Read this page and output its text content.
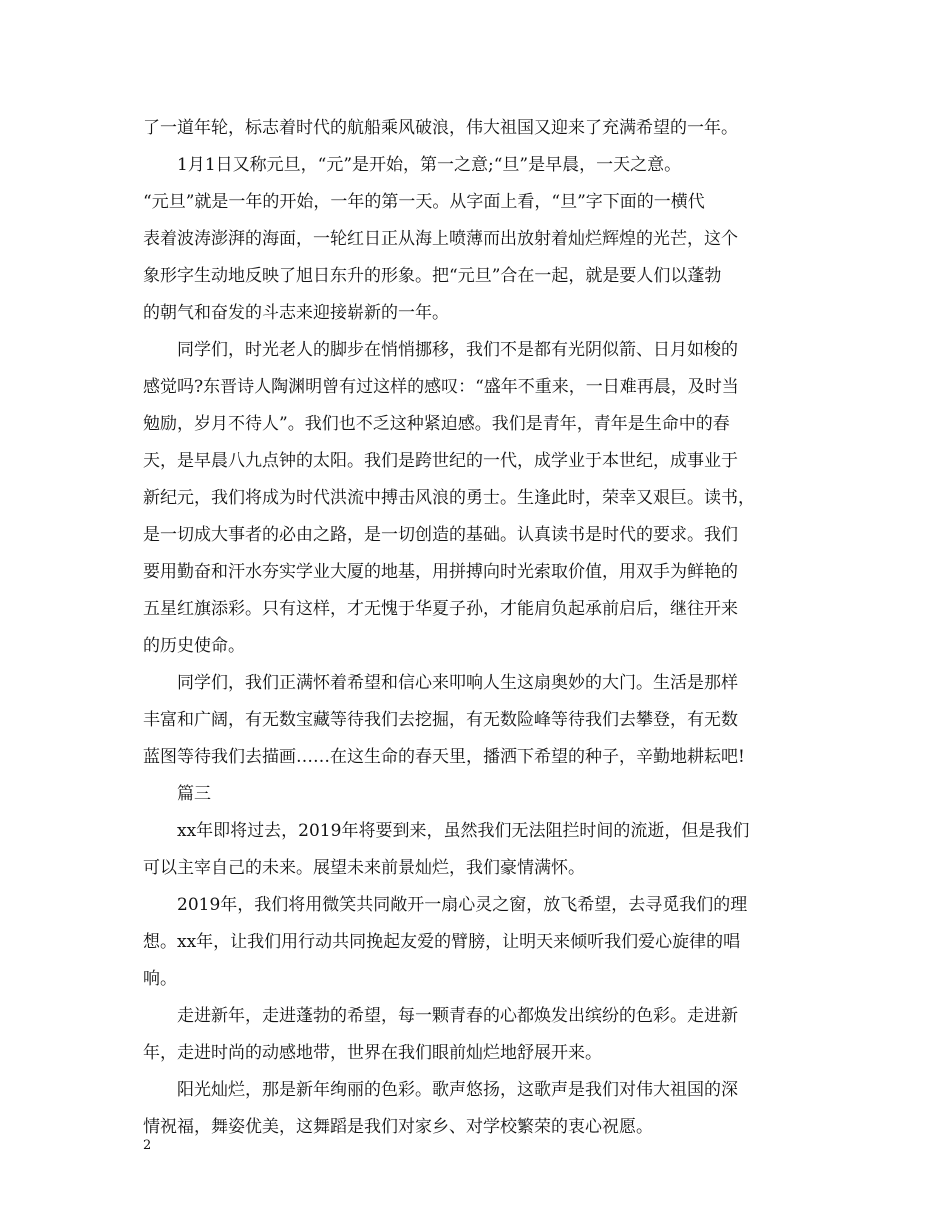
了一道年轮，标志着时代的航船乘风破浪，伟大祖国又迎来了充满希望的一年。
　　1月1日又称元旦，“元”是开始，第一之意;“旦”是早晨，一天之意。
“元旦”就是一年的开始，一年的第一天。从字面上看，“旦”字下面的一横代
表着波涛澎湃的海面，一轮红日正从海上喷薄而出放射着灿烂辉煌的光芒，这个
象形字生动地反映了旭日东升的形象。把“元旦”合在一起，就是要人们以蓬勃
的朝气和奋发的斗志来迎接崭新的一年。
　　同学们，时光老人的脚步在悄悄挪移，我们不是都有光阴似箭、日月如梭的
感觉吗?东晋诗人陶渊明曾有过这样的感叹：“盛年不重来，一日难再晨，及时当
勉励，岁月不待人”。我们也不乏这种紧迫感。我们是青年，青年是生命中的春
天，是早晨八九点钟的太阳。我们是跨世纪的一代，成学业于本世纪，成事业于
新纪元，我们将成为时代洪流中搏击风浪的勇士。生逢此时，荣幸又艰巨。读书，
是一切成大事者的必由之路，是一切创造的基础。认真读书是时代的要求。我们
要用勤奋和汗水夯实学业大厦的地基，用拼搏向时光索取价值，用双手为鲜艳的
五星红旗添彩。只有这样，才无愧于华夏子孙，才能肩负起承前启后，继往开来
的历史使命。
　　同学们，我们正满怀着希望和信心来叩响人生这扇奥妙的大门。生活是那样
丰富和广阔，有无数宝藏等待我们去挖掘，有无数险峰等待我们去攀登，有无数
蓝图等待我们去描画……在这生命的春天里，播洒下希望的种子，辛勤地耕耘吧!
　　篇三
　　xx年即将过去，2019年将要到来，虽然我们无法阻拦时间的流逝，但是我们
可以主宰自己的未来。展望未来前景灿烂，我们豪情满怀。
　　2019年，我们将用微笑共同敞开一扇心灵之窗，放飞希望，去寻觅我们的理
想。xx年，让我们用行动共同挽起友爱的臂膀，让明天来倾听我们爱心旋律的唱
响。
　　走进新年，走进蓬勃的希望，每一颗青春的心都焕发出缤纷的色彩。走进新
年，走进时尚的动感地带，世界在我们眼前灿烂地舒展开来。
　　阳光灿烂，那是新年绚丽的色彩。歌声悠扬，这歌声是我们对伟大祖国的深
情祝福，舞姿优美，这舞蹈是我们对家乡、对学校繁荣的衷心祝愿。
2
